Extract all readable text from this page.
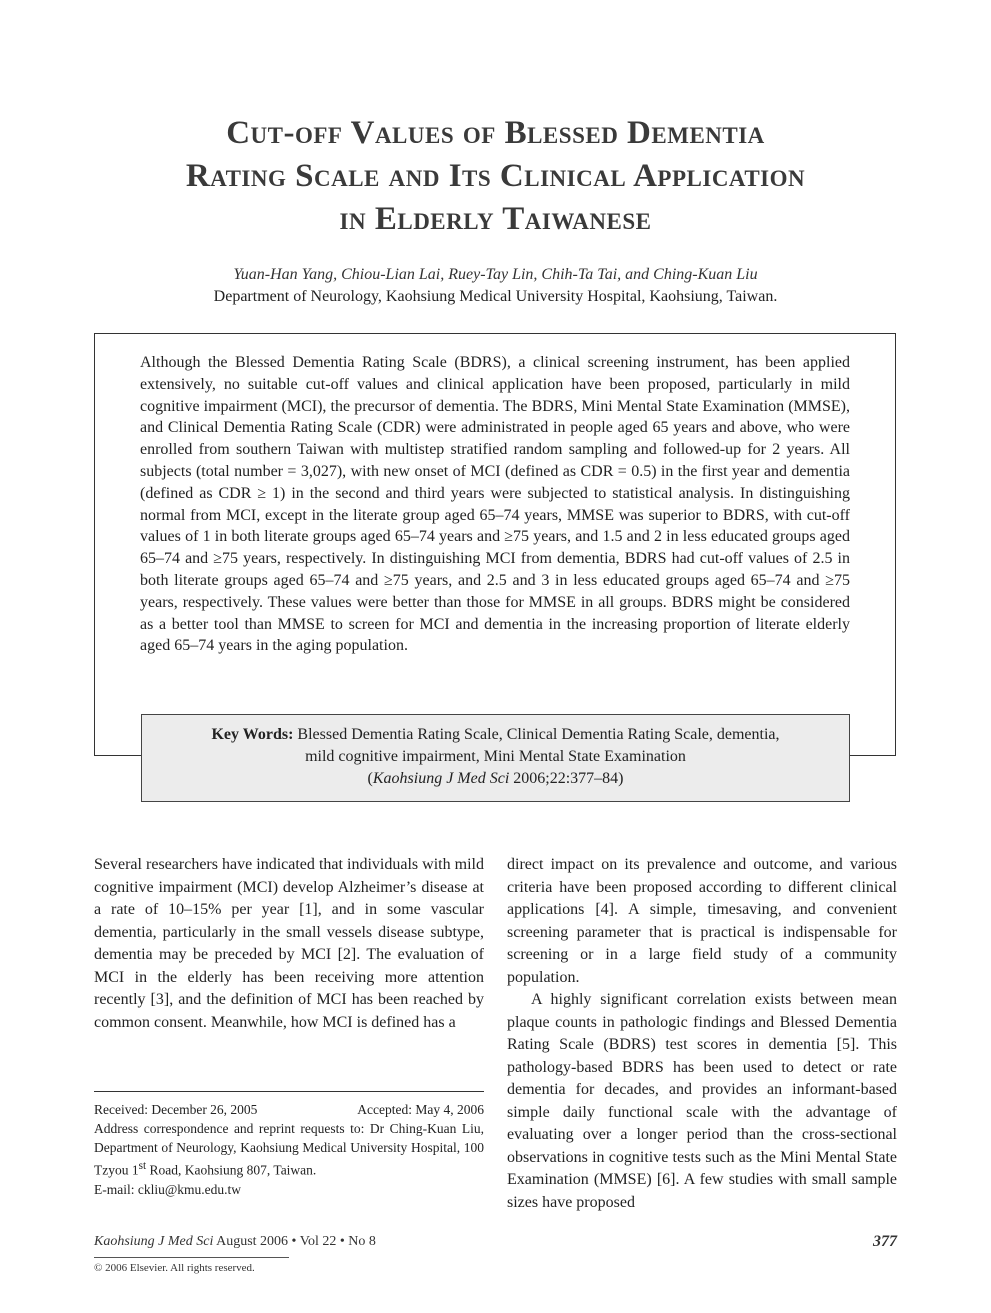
Cut-off Values of Blessed Dementia
Rating Scale and Its Clinical Application
in Elderly Taiwanese
Yuan-Han Yang, Chiou-Lian Lai, Ruey-Tay Lin, Chih-Ta Tai, and Ching-Kuan Liu
Department of Neurology, Kaohsiung Medical University Hospital, Kaohsiung, Taiwan.
Although the Blessed Dementia Rating Scale (BDRS), a clinical screening instrument, has been applied extensively, no suitable cut-off values and clinical application have been proposed, particularly in mild cognitive impairment (MCI), the precursor of dementia. The BDRS, Mini Mental State Examination (MMSE), and Clinical Dementia Rating Scale (CDR) were administrated in people aged 65 years and above, who were enrolled from southern Taiwan with multistep stratified random sampling and followed-up for 2 years. All subjects (total number = 3,027), with new onset of MCI (defined as CDR = 0.5) in the first year and dementia (defined as CDR ≥ 1) in the second and third years were subjected to statistical analysis. In distinguishing normal from MCI, except in the literate group aged 65–74 years, MMSE was superior to BDRS, with cut-off values of 1 in both literate groups aged 65–74 years and ≥75 years, and 1.5 and 2 in less educated groups aged 65–74 and ≥75 years, respectively. In distinguishing MCI from dementia, BDRS had cut-off values of 2.5 in both literate groups aged 65–74 and ≥75 years, and 2.5 and 3 in less educated groups aged 65–74 and ≥75 years, respectively. These values were better than those for MMSE in all groups. BDRS might be considered as a better tool than MMSE to screen for MCI and dementia in the increasing proportion of literate elderly aged 65–74 years in the aging population.
Key Words: Blessed Dementia Rating Scale, Clinical Dementia Rating Scale, dementia,
mild cognitive impairment, Mini Mental State Examination
(Kaohsiung J Med Sci 2006;22:377–84)

Several researchers have indicated that individuals with mild cognitive impairment (MCI) develop Alzheimer’s disease at a rate of 10–15% per year [1], and in some vascular dementia, particularly in the small vessels disease subtype, dementia may be preceded by MCI [2]. The evaluation of MCI in the elderly has been receiving more attention recently [3], and the definition of MCI has been reached by common consent. Meanwhile, how MCI is defined has a

direct impact on its prevalence and outcome, and various criteria have been proposed according to different clinical applications [4]. A simple, timesaving, and convenient screening parameter that is practical is indispensable for screening or in a large field study of a community population.

A highly significant correlation exists between mean plaque counts in pathologic findings and Blessed Dementia Rating Scale (BDRS) test scores in dementia [5]. This pathology-based BDRS has been used to detect or rate dementia for decades, and provides an informant-based simple daily functional scale with the advantage of evaluating over a longer period than the cross-sectional observations in cognitive tests such as the Mini Mental State Examination (MMSE) [6]. A few studies with small sample sizes have proposed

Received: December 26, 2005	Accepted: May 4, 2006

Address correspondence and reprint requests to: Dr Ching-Kuan Liu, Department of Neurology, Kaohsiung Medical University Hospital, 100 Tzyou 1st Road, Kaohsiung 807, Taiwan.

E-mail: ckliu@kmu.edu.tw

Kaohsiung J Med Sci August 2006 • Vol 22 • No 8	377
© 2006 Elsevier. All rights reserved.
